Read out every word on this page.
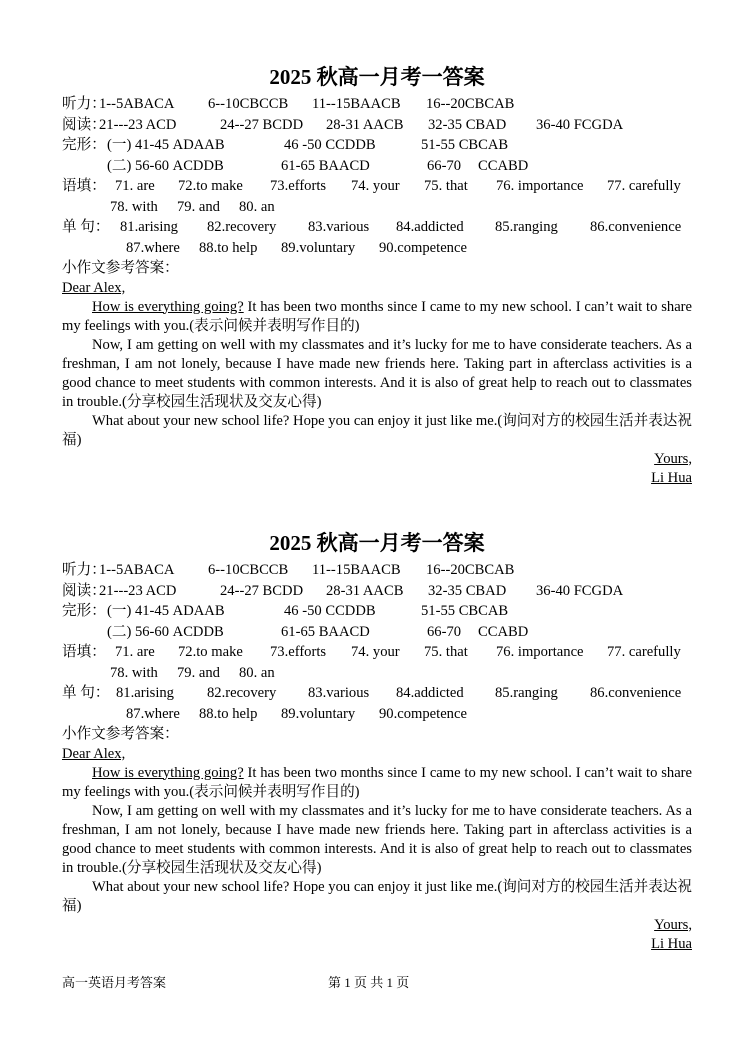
2025 秋高一月考一答案
听力：
1--5ABACA 6--10CBCCB 11--15BAACB 16--20CBCAB
阅读：
21---23 ACD	24--27 BCDD 28-31 AACB 32-35 CBAD 36-40 FCGDA
完形： (一) 41-45 ADAAB	46 -50 CCDDB	51-55 CBCAB
(二) 56-60 ACDDB	61-65 BAACD	66-70 CCABD
语填： 71. are 72.to make 73.efforts 74. your 75. that 76. importance 77. carefully
78. with 79. and 80. an
单 句： 81.arising 82.recovery 83.various 84.addicted 85.ranging 86.convenience
87.where 88.to help 89.voluntary 90.competence
小作文参考答案：

Dear Alex,

How is everything going? It has been two months since I came to my new school. I can’t wait to share my feelings with you.(表示问候并表明写作目的)

Now, I am getting on well with my classmates and it’s lucky for me to have considerate teachers. As a freshman, I am not lonely, because I have made new friends here. Taking part in afterclass activities is a good chance to meet students with common interests. And it is also of great help to reach out to classmates in trouble.(分享校园生活现状及交友心得)

What about your new school life? Hope you can enjoy it just like me.(询问对方的校园生活并表达祝福)

Yours,

Li Hua

2025 秋高一月考一答案
听力：
1--5ABACA 6--10CBCCB 11--15BAACB 16--20CBCAB
阅读：
21---23 ACD	24--27 BCDD 28-31 AACB 32-35 CBAD 36-40 FCGDA
完形： (一) 41-45 ADAAB	46 -50 CCDDB	51-55 CBCAB
(二) 56-60 ACDDB	61-65 BAACD	66-70 CCABD
语填： 71. are 72.to make 73.efforts 74. your 75. that 76. importance 77. carefully
78. with 79. and 80. an
单 句： 81.arising 82.recovery 83.various 84.addicted 85.ranging 86.convenience
87.where 88.to help 89.voluntary 90.competence
小作文参考答案：

Dear Alex,

How is everything going? It has been two months since I came to my new school. I can’t wait to share my feelings with you.(表示问候并表明写作目的)

Now, I am getting on well with my classmates and it’s lucky for me to have considerate teachers. As a freshman, I am not lonely, because I have made new friends here. Taking part in afterclass activities is a good chance to meet students with common interests. And it is also of great help to reach out to classmates in trouble.(分享校园生活现状及交友心得)

What about your new school life? Hope you can enjoy it just like me.(询问对方的校园生活并表达祝福)

Yours,

Li Hua

高一英语月考答案	第 1 页 共 1 页
